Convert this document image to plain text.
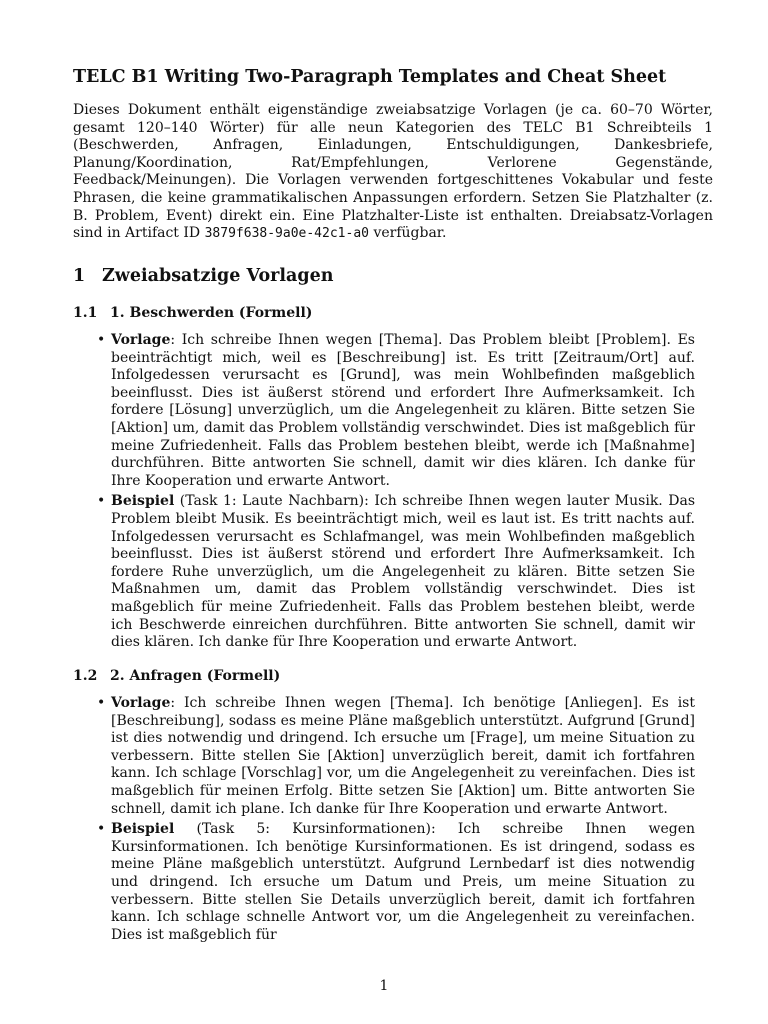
TELC B1 Writing Two-Paragraph Templates and Cheat Sheet

Dieses Dokument enthält eigenständige zweiabsatzige Vorlagen (je ca. 60–70 Wörter, gesamt 120–140 Wörter) für alle neun Kategorien des TELC B1 Schreibteils 1 (Beschwerden, Anfragen, Einladungen, Entschuldigungen, Dankesbriefe, Planung/Koordination, Rat/Empfehlungen, Verlorene Gegenstände, Feedback/Meinungen). Die Vorlagen verwenden fortgeschittenes Vokabular und feste Phrasen, die keine grammatikalischen Anpassungen erfordern. Setzen Sie Platzhalter (z. B. Problem, Event) direkt ein. Eine Platzhalter-Liste ist enthalten. Dreiabsatz-Vorlagen sind in Artifact ID 3879f638-9a0e-42c1-a0 verfügbar.

1 Zweiabsatzige Vorlagen
1.1 1. Beschwerden (Formell)
• Vorlage: Ich schreibe Ihnen wegen [Thema]. Das Problem bleibt [Problem]. Es beeinträchtigt mich, weil es [Beschreibung] ist. Es tritt [Zeitraum/Ort] auf. Infolgedessen verursacht es [Grund], was mein Wohlbefinden maßgeblich beeinflusst. Dies ist äußerst störend und erfordert Ihre Aufmerksamkeit. Ich fordere [Lösung] unverzüglich, um die Angelegenheit zu klären. Bitte setzen Sie [Aktion] um, damit das Problem vollständig verschwindet. Dies ist maßgeblich für meine Zufriedenheit. Falls das Problem bestehen bleibt, werde ich [Maßnahme] durchführen. Bitte antworten Sie schnell, damit wir dies klären. Ich danke für Ihre Kooperation und erwarte Antwort.
• Beispiel (Task 1: Laute Nachbarn): Ich schreibe Ihnen wegen lauter Musik. Das Problem bleibt Musik. Es beeinträchtigt mich, weil es laut ist. Es tritt nachts auf. Infolgedessen verursacht es Schlafmangel, was mein Wohlbefinden maßgeblich beeinflusst. Dies ist äußerst störend und erfordert Ihre Aufmerksamkeit. Ich fordere Ruhe unverzüglich, um die Angelegenheit zu klären. Bitte setzen Sie Maßnahmen um, damit das Problem vollständig verschwindet. Dies ist maßgeblich für meine Zufriedenheit. Falls das Problem bestehen bleibt, werde ich Beschwerde einreichen durchführen. Bitte antworten Sie schnell, damit wir dies klären. Ich danke für Ihre Kooperation und erwarte Antwort.
1.2 2. Anfragen (Formell)
• Vorlage: Ich schreibe Ihnen wegen [Thema]. Ich benötige [Anliegen]. Es ist [Beschreibung], sodass es meine Pläne maßgeblich unterstützt. Aufgrund [Grund] ist dies notwendig und dringend. Ich ersuche um [Frage], um meine Situation zu verbessern. Bitte stellen Sie [Aktion] unverzüglich bereit, damit ich fortfahren kann. Ich schlage [Vorschlag] vor, um die Angelegenheit zu vereinfachen. Dies ist maßgeblich für meinen Erfolg. Bitte setzen Sie [Aktion] um. Bitte antworten Sie schnell, damit ich plane. Ich danke für Ihre Kooperation und erwarte Antwort.
• Beispiel (Task 5: Kursinformationen): Ich schreibe Ihnen wegen Kursinformationen. Ich benötige Kursinformationen. Es ist dringend, sodass es meine Pläne maßgeblich unterstützt. Aufgrund Lernbedarf ist dies notwendig und dringend. Ich ersuche um Datum und Preis, um meine Situation zu verbessern. Bitte stellen Sie Details unverzüglich bereit, damit ich fortfahren kann. Ich schlage schnelle Antwort vor, um die Angelegenheit zu vereinfachen. Dies ist maßgeblich für
1
